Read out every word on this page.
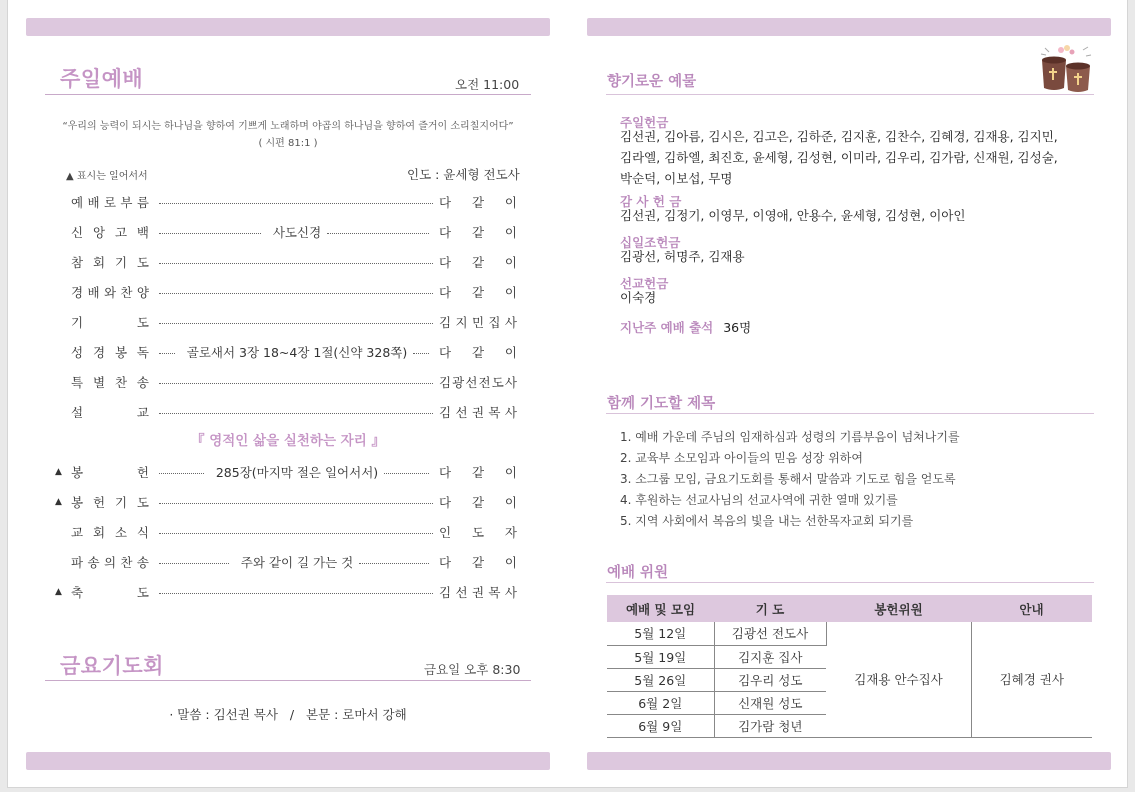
주일예배	오전 11:00
“우리의 능력이 되시는 하나님을 향하여 기쁘게 노래하며 야곱의 하나님을 향하여 즐거이 소리칠지어다”
( 시편 81:1 )
▲ 표시는 일어서서	인도 : 윤세형 전도사
예 배 로 부 름	다 같 이
신 앙 고 백	사도신경	다 같 이
참 회 기 도	다 같 이
경 배 와 찬 양	다 같 이
기	도	김 지 민 집 사
성 경 봉 독	골로새서 3장 18~4장 1절(신약 328쪽)	다 같 이
특 별 찬 송	김 광 선 전 도 사
설	교	김 선 권 목 사
『 영적인 삶을 실천하는 자리 』
▲ 봉	헌	285장(마지막 절은 일어서서)	다 같 이
▲ 봉 헌 기 도	다 같 이
교 회 소 식	인 도 자
파 송 의 찬 송	주와 같이 길 가는 것	다 같 이
▲ 축	도	김 선 권 목 사
금요기도회	금요일 오후 8:30
· 말씀 : 김선권 목사   /   본문 : 로마서 강해
향기로운 예물
주일헌금
김선권, 김아름, 김시은, 김고은, 김하준, 김지훈, 김찬수, 김혜경, 김재용, 김지민, 김라엘, 김하엘, 최진호, 윤세형, 김성현, 이미라, 김우리, 김가람, 신재원, 김성술, 박순덕, 이보섭, 무명
감 사 헌 금
김선권, 김정기, 이영무, 이영애, 안용수, 윤세형, 김성현, 이아인
십일조헌금
김광선, 허명주, 김재용
선교헌금
이숙경
지난주 예배 출석 36명
함께 기도할 제목
1. 예배 가운데 주님의 임재하심과 성령의 기름부음이 넘쳐나기를
2. 교육부 소모임과 아이들의 믿음 성장 위하여
3. 소그룹 모임, 금요기도회를 통해서 말씀과 기도로 힘을 얻도록
4. 후원하는 선교사님의 선교사역에 귀한 열매 있기를
5. 지역 사회에서 복음의 빛을 내는 선한목자교회 되기를
예배 위원
예배 및 모임	기 도	봉헌위원	안내
5월 12일	김광선 전도사	김재용 안수집사	김혜경 권사
5월 19일	김지훈 집사		
5월 26일	김우리 성도		
6월 2일	신재원 성도		
6월 9일	김가람 청년		
